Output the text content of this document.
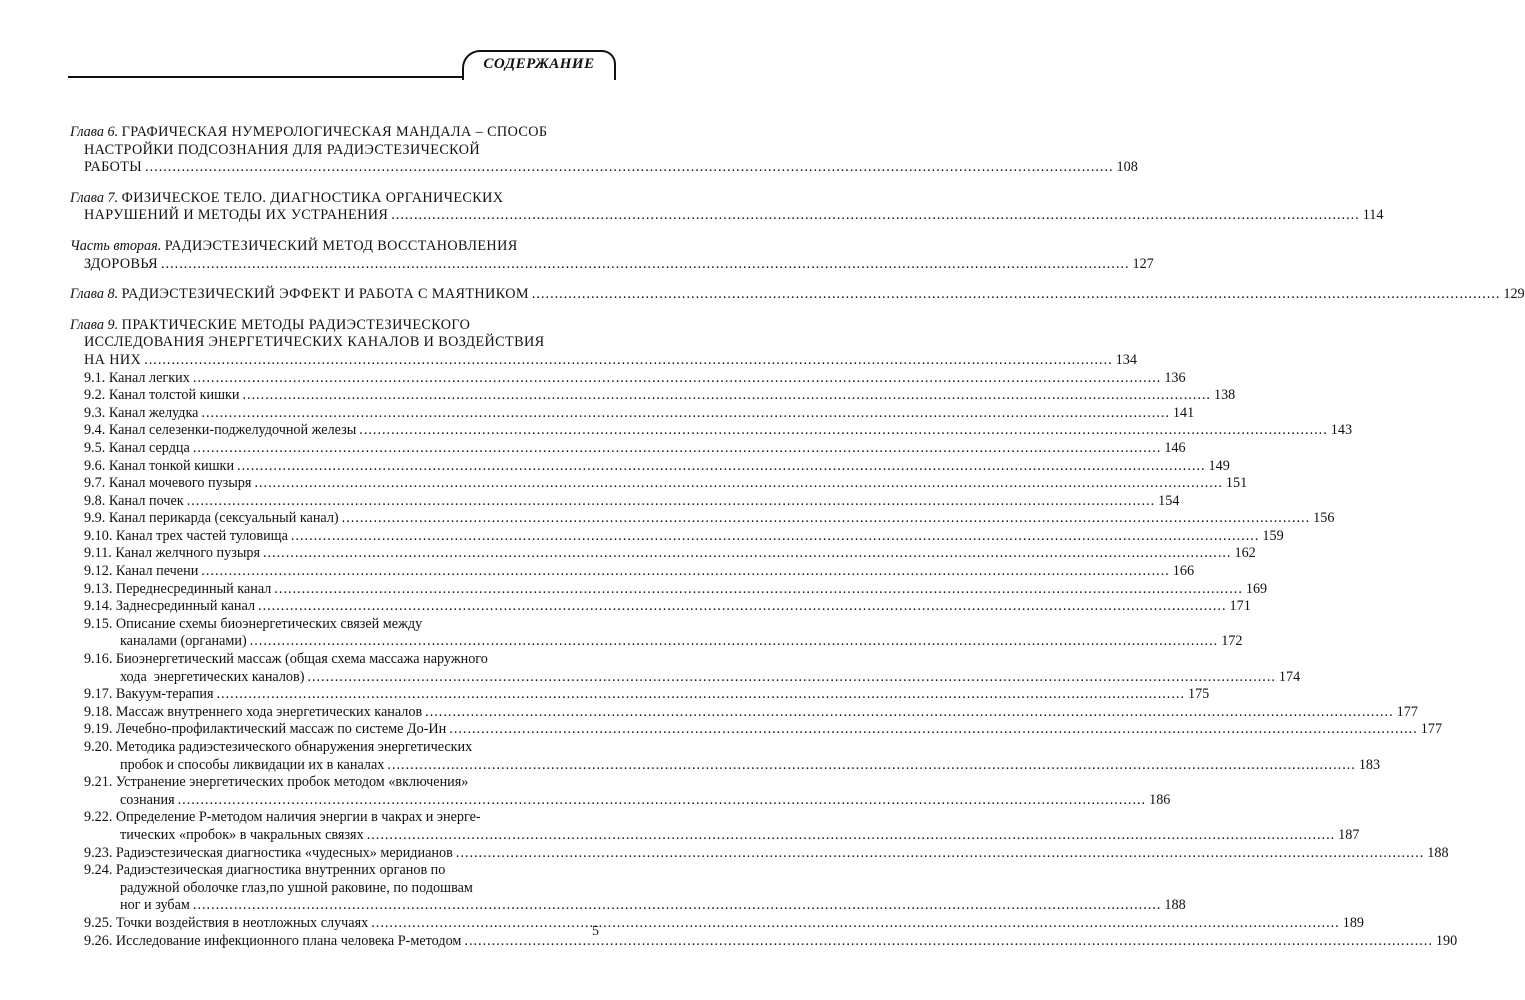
СОДЕРЖАНИЕ
Глава 6. ГРАФИЧЕСКАЯ НУМЕРОЛОГИЧЕСКАЯ МАНДАЛА – СПОСОБ
НАСТРОЙКИ ПОДСОЗНАНИЯ ДЛЯ РАДИЭСТЕЗИЧЕСКОЙ
РАБОТЫ .....	108
Глава 7. ФИЗИЧЕСКОЕ ТЕЛО. ДИАГНОСТИКА ОРГАНИЧЕСКИХ
НАРУШЕНИЙ И МЕТОДЫ ИХ УСТРАНЕНИЯ .....	114
Часть вторая. РАДИЭСТЕЗИЧЕСКИЙ МЕТОД ВОССТАНОВЛЕНИЯ
ЗДОРОВЬЯ .....	127
Глава 8. РАДИЭСТЕЗИЧЕСКИЙ ЭФФЕКТ И РАБОТА С МАЯТНИКОМ .....	129
Глава 9. ПРАКТИЧЕСКИЕ МЕТОДЫ РАДИЭСТЕЗИЧЕСКОГО
ИССЛЕДОВАНИЯ ЭНЕРГЕТИЧЕСКИХ КАНАЛОВ И ВОЗДЕЙСТВИЯ
НА НИХ .....	134
9.1. Канал легких .....	136
9.2. Канал толстой кишки .....	138
9.3. Канал желудка .....	141
9.4. Канал селезенки-поджелудочной железы .....	143
9.5. Канал сердца .....	146
9.6. Канал тонкой кишки .....	149
9.7. Канал мочевого пузыря .....	151
9.8. Канал почек .....	154
9.9. Канал перикарда (сексуальный канал) .....	156
9.10. Канал трех частей туловища .....	159
9.11. Канал желчного пузыря .....	162
9.12. Канал печени .....	166
9.13. Переднесрединный канал .....	169
9.14. Заднесрединный канал .....	171
9.15. Описание схемы биоэнергетических связей между
каналами (органами) .....	172
9.16. Биоэнергетический массаж (общая схема массажа наружного
хода  энергетических каналов) .....	174
9.17. Вакуум-терапия .....	175
9.18. Массаж внутреннего хода энергетических каналов .....	177
9.19. Лечебно-профилактический массаж по системе До-Ин .....	177
9.20. Методика радиэстезического обнаружения энергетических
пробок и способы ликвидации их в каналах .....	183
9.21. Устранение энергетических пробок методом «включения»
сознания .....	186
9.22. Определение Р-методом наличия энергии в чакрах и энерге-
тических «пробок» в чакральных связях .....	187
9.23. Радиэстезическая диагностика «чудесных» меридианов .....	188
9.24. Радиэстезическая диагностика внутренних органов по
радужной оболочке глаз,по ушной раковине, по подошвам
ног и зубам .....	188
9.25. Точки воздействия в неотложных случаях .....	189
9.26. Исследование инфекционного плана человека Р-методом .....	190
5
